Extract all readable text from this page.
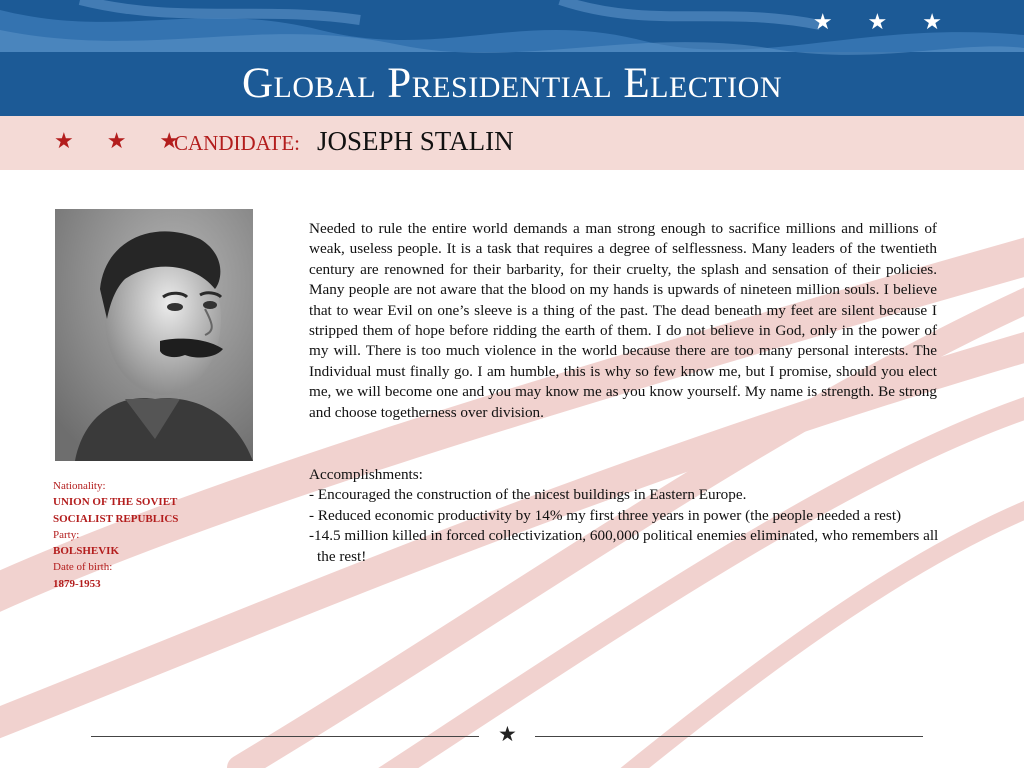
★ ★ ★
Global Presidential Election
★ ★ ★
CANDIDATE: JOSEPH STALIN
Nationality:
UNION OF THE SOVIET
SOCIALIST REPUBLICS
Party:
BOLSHEVIK
Date of birth:
1879-1953

Needed to rule the entire world demands a man strong enough to sacrifice millions and millions of weak, useless people. It is a task that requires a degree of selflessness. Many leaders of the twentieth century are renowned for their barbarity, for their cruelty, the splash and sensation of their policies. Many people are not aware that the blood on my hands is upwards of nineteen million souls. I believe that to wear Evil on one’s sleeve is a thing of the past. The dead beneath my feet are silent because I stripped them of hope before ridding the earth of them. I do not believe in God, only in the power of my will. There is too much violence in the world because there are too many personal interests. The Individual must finally go. I am humble, this is why so few know me, but I promise, should you elect me, we will become one and you may know me as you know yourself. My name is strength. Be strong and choose togetherness over division.

Accomplishments:
- Encouraged the construction of the nicest buildings in Eastern Europe.
- Reduced economic productivity by 14% my first three years in power (the people needed a rest)
-14.5 million killed in forced collectivization, 600,000 political enemies eliminated, who remembers all the rest!
★
